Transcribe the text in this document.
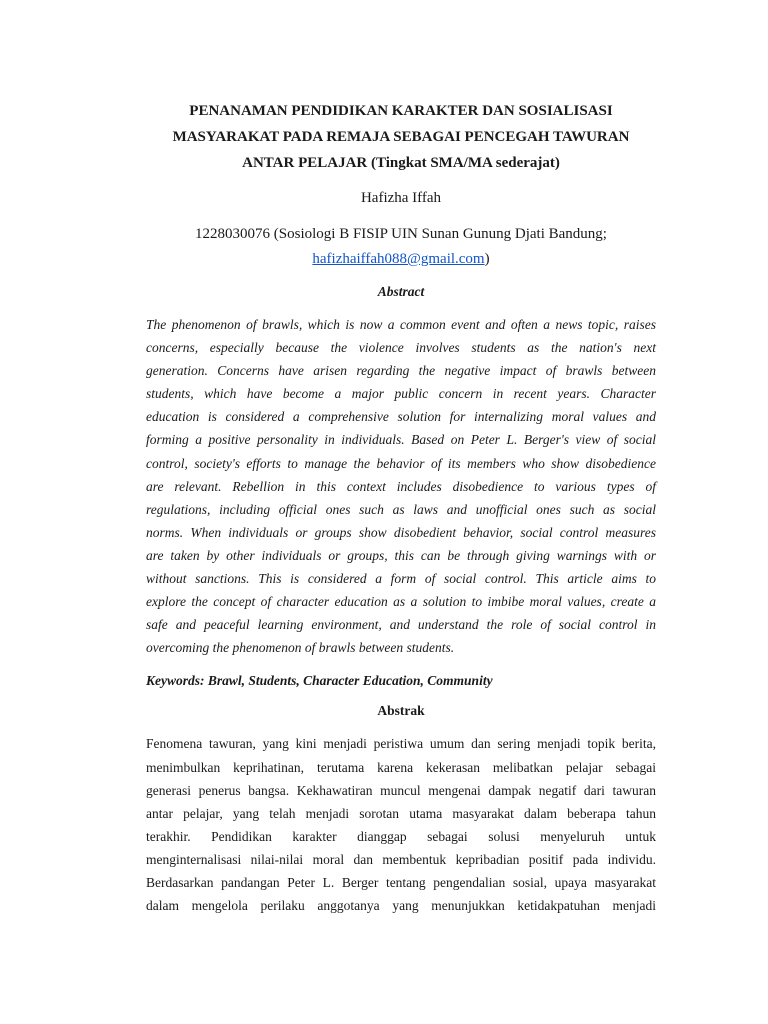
PENANAMAN PENDIDIKAN KARAKTER DAN SOSIALISASI
MASYARAKAT PADA REMAJA SEBAGAI PENCEGAH TAWURAN
ANTAR PELAJAR (Tingkat SMA/MA sederajat)
Hafizha Iffah
1228030076 (Sosiologi B FISIP UIN Sunan Gunung Djati Bandung;
hafizhaiffah088@gmail.com)
Abstract
The phenomenon of brawls, which is now a common event and often a news topic, raises
concerns, especially because the violence involves students as the nation's next
generation. Concerns have arisen regarding the negative impact of brawls between
students, which have become a major public concern in recent years. Character
education is considered a comprehensive solution for internalizing moral values and
forming a positive personality in individuals. Based on Peter L. Berger's view of social
control, society's efforts to manage the behavior of its members who show disobedience
are relevant. Rebellion in this context includes disobedience to various types of
regulations, including official ones such as laws and unofficial ones such as social
norms. When individuals or groups show disobedient behavior, social control measures
are taken by other individuals or groups, this can be through giving warnings with or
without sanctions. This is considered a form of social control. This article aims to
explore the concept of character education as a solution to imbibe moral values, create a
safe and peaceful learning environment, and understand the role of social control in
overcoming the phenomenon of brawls between students.
Keywords: Brawl, Students, Character Education, Community
Abstrak
Fenomena tawuran, yang kini menjadi peristiwa umum dan sering menjadi topik berita,
menimbulkan keprihatinan, terutama karena kekerasan melibatkan pelajar sebagai
generasi penerus bangsa. Kekhawatiran muncul mengenai dampak negatif dari tawuran
antar pelajar, yang telah menjadi sorotan utama masyarakat dalam beberapa tahun
terakhir. Pendidikan karakter dianggap sebagai solusi menyeluruh untuk
menginternalisasi nilai-nilai moral dan membentuk kepribadian positif pada individu.
Berdasarkan pandangan Peter L. Berger tentang pengendalian sosial, upaya masyarakat
dalam mengelola perilaku anggotanya yang menunjukkan ketidakpatuhan menjadi
